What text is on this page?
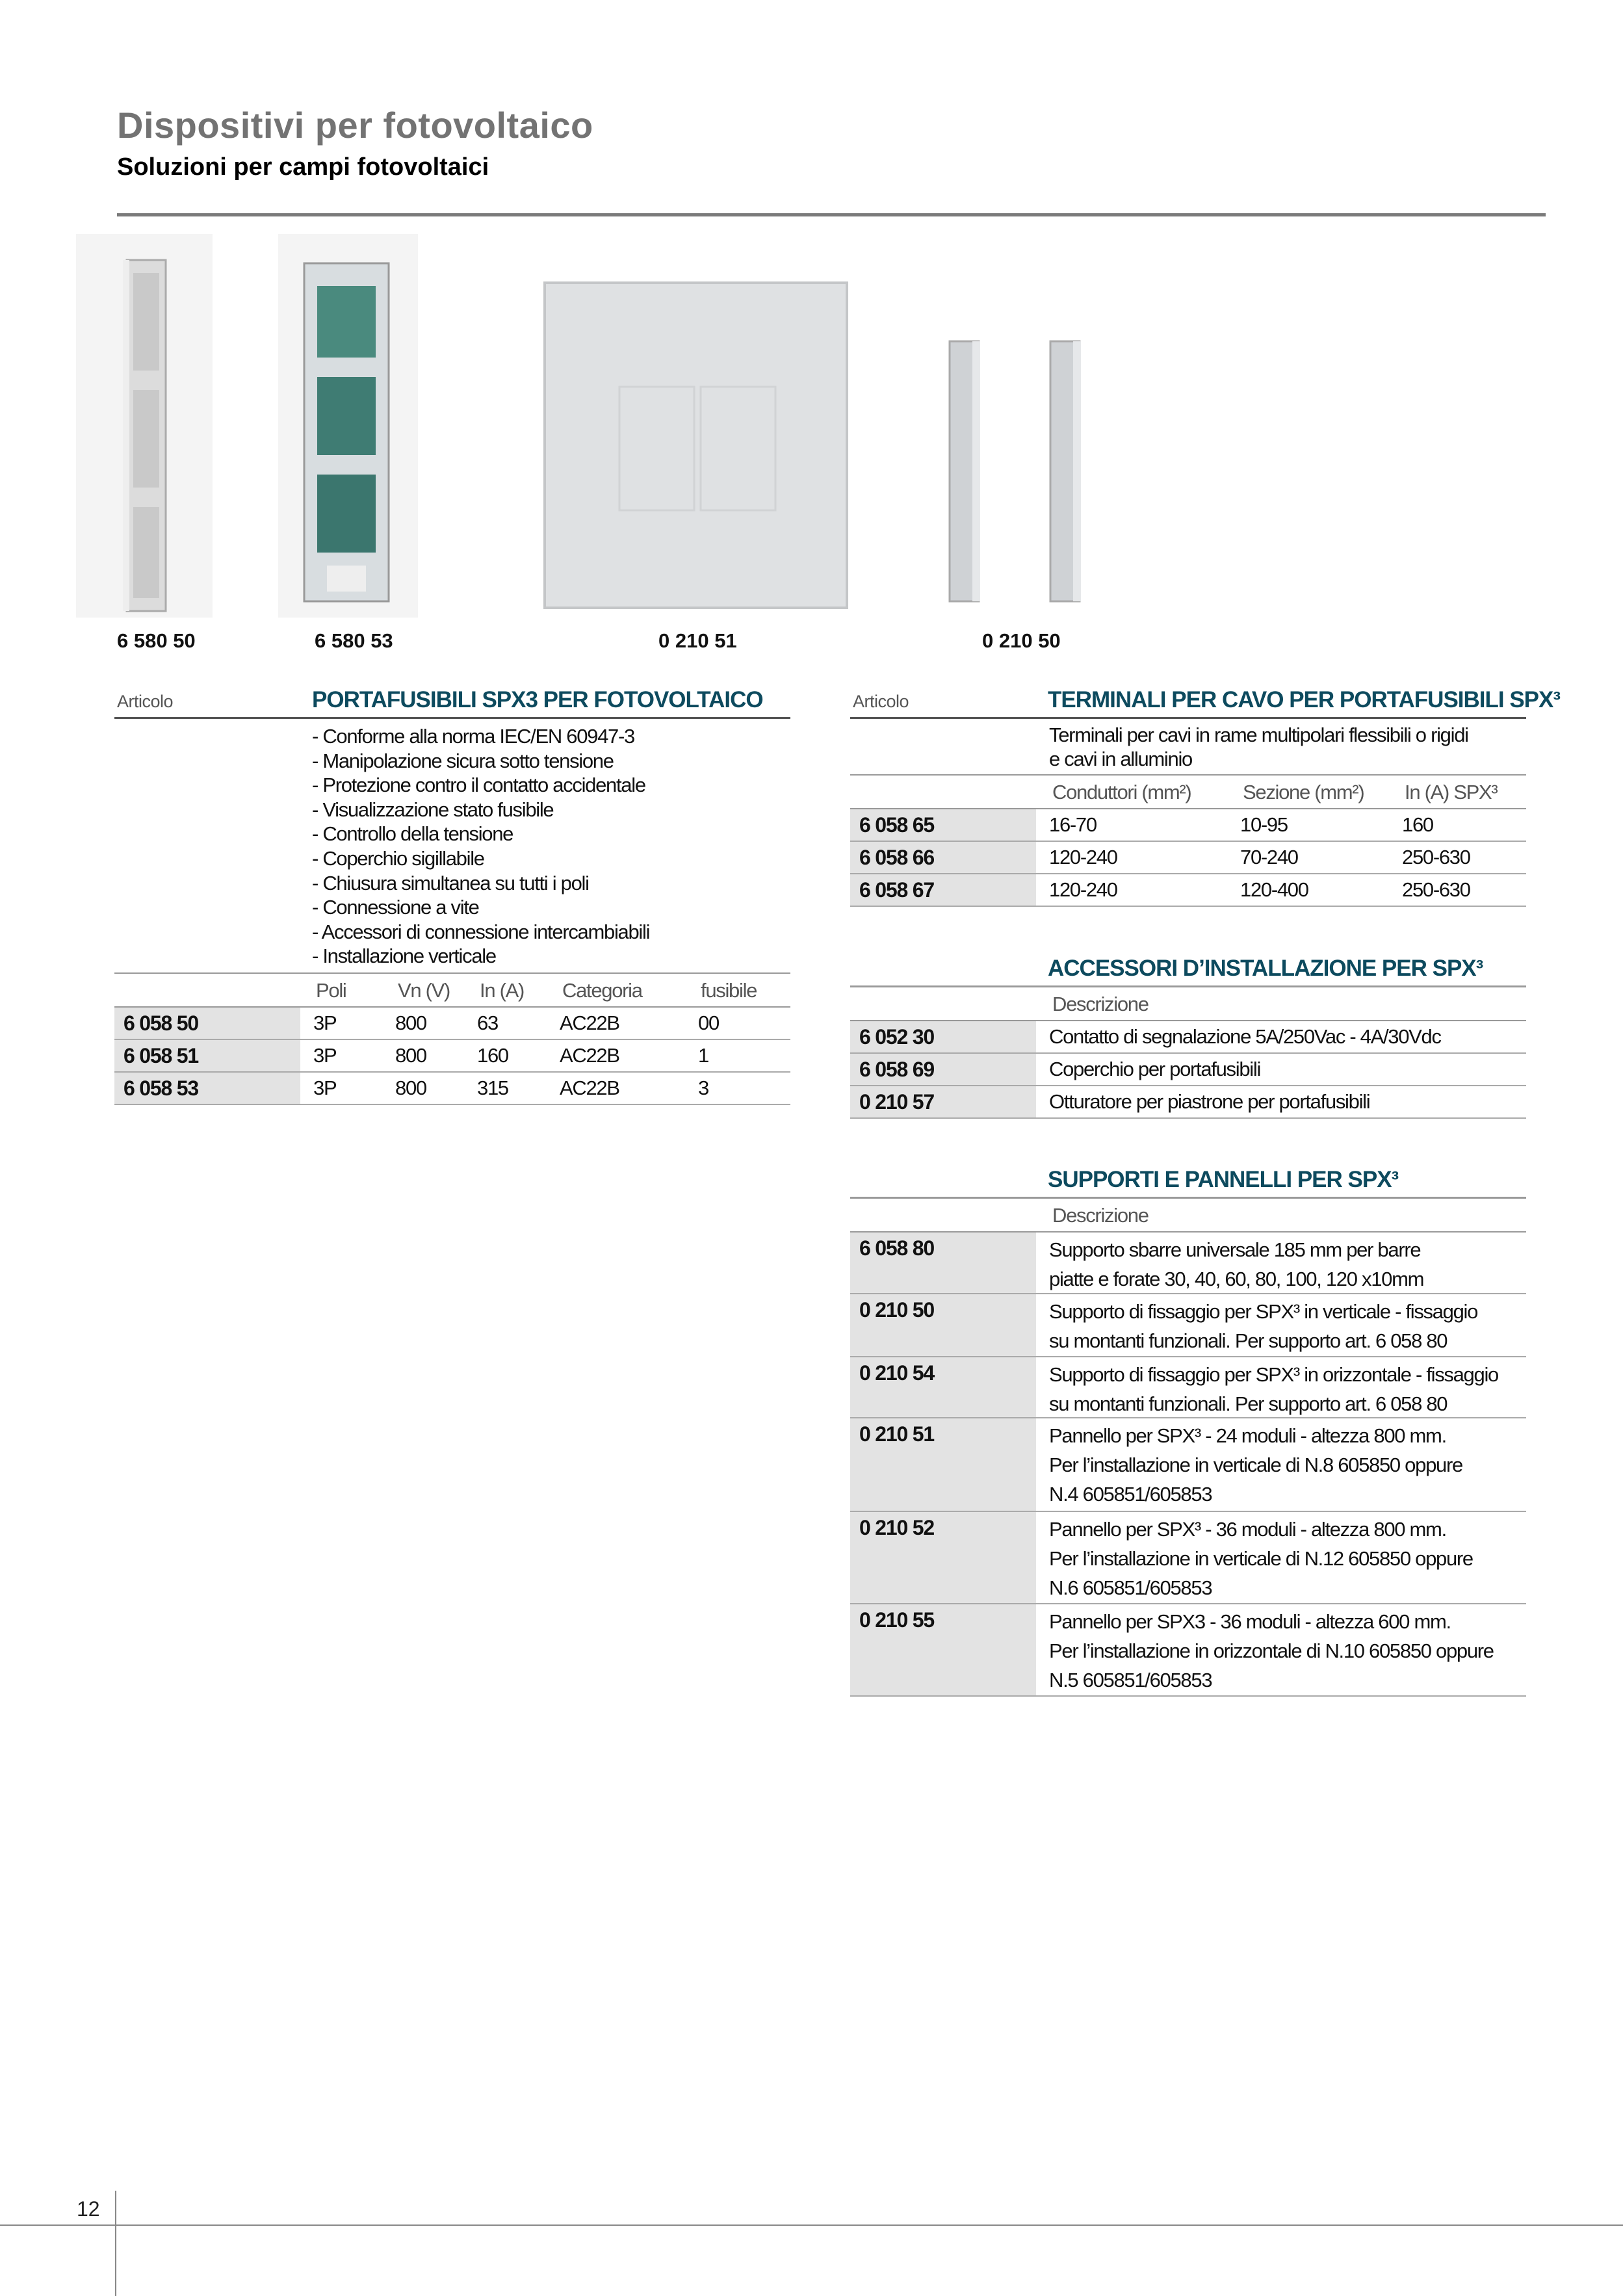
Dispositivi per fotovoltaico
Soluzioni per campi fotovoltaici
6 580 50	6 580 53	0 210 51	0 210 50
Articolo	PORTAFUSIBILI SPX3 PER FOTOVOLTAICO
- Conforme alla norma IEC/EN 60947-3
- Manipolazione sicura sotto tensione
- Protezione contro il contatto accidentale
- Visualizzazione stato fusibile
- Controllo della tensione
- Coperchio sigillabile
- Chiusura simultanea su tutti i poli
- Connessione a vite
- Accessori di connessione intercambiabili
- Installazione verticale
Poli	Vn (V) In (A) Categoria	fusibile
6 058 50	3P	800	63	AC22B	00
6 058 51	3P	800	160	AC22B	1
6 058 53	3P	800	315	AC22B	3
Articolo	TERMINALI PER CAVO PER PORTAFUSIBILI SPX³
Terminali per cavi in rame multipolari flessibili o rigidi
e cavi in alluminio
Conduttori (mm²)	Sezione (mm²) In (A) SPX³
6 058 65	16-70	10-95	160
6 058 66	120-240	70-240	250-630
6 058 67	120-240	120-400	250-630
ACCESSORI D’INSTALLAZIONE PER SPX³
Descrizione
6 052 30	Contatto di segnalazione 5A/250Vac - 4A/30Vdc
6 058 69	Coperchio per portafusibili
0 210 57	Otturatore per piastrone per portafusibili
SUPPORTI E PANNELLI PER SPX³
Descrizione
6 058 80	Supporto sbarre universale 185 mm per barre
piatte e forate 30, 40, 60, 80, 100, 120 x10mm
0 210 50	Supporto di fissaggio per SPX³ in verticale - fissaggio
su montanti funzionali. Per supporto art. 6 058 80
0 210 54	Supporto di fissaggio per SPX³ in orizzontale - fissaggio
su montanti funzionali. Per supporto art. 6 058 80
0 210 51	Pannello per SPX³ - 24 moduli - altezza 800 mm.
Per l’installazione in verticale di N.8 605850 oppure
N.4 605851/605853
0 210 52	Pannello per SPX³ - 36 moduli - altezza 800 mm.
Per l’installazione in verticale di N.12 605850 oppure
N.6 605851/605853
0 210 55	Pannello per SPX3 - 36 moduli - altezza 600 mm.
Per l’installazione in orizzontale di N.10 605850 oppure
N.5 605851/605853
12
